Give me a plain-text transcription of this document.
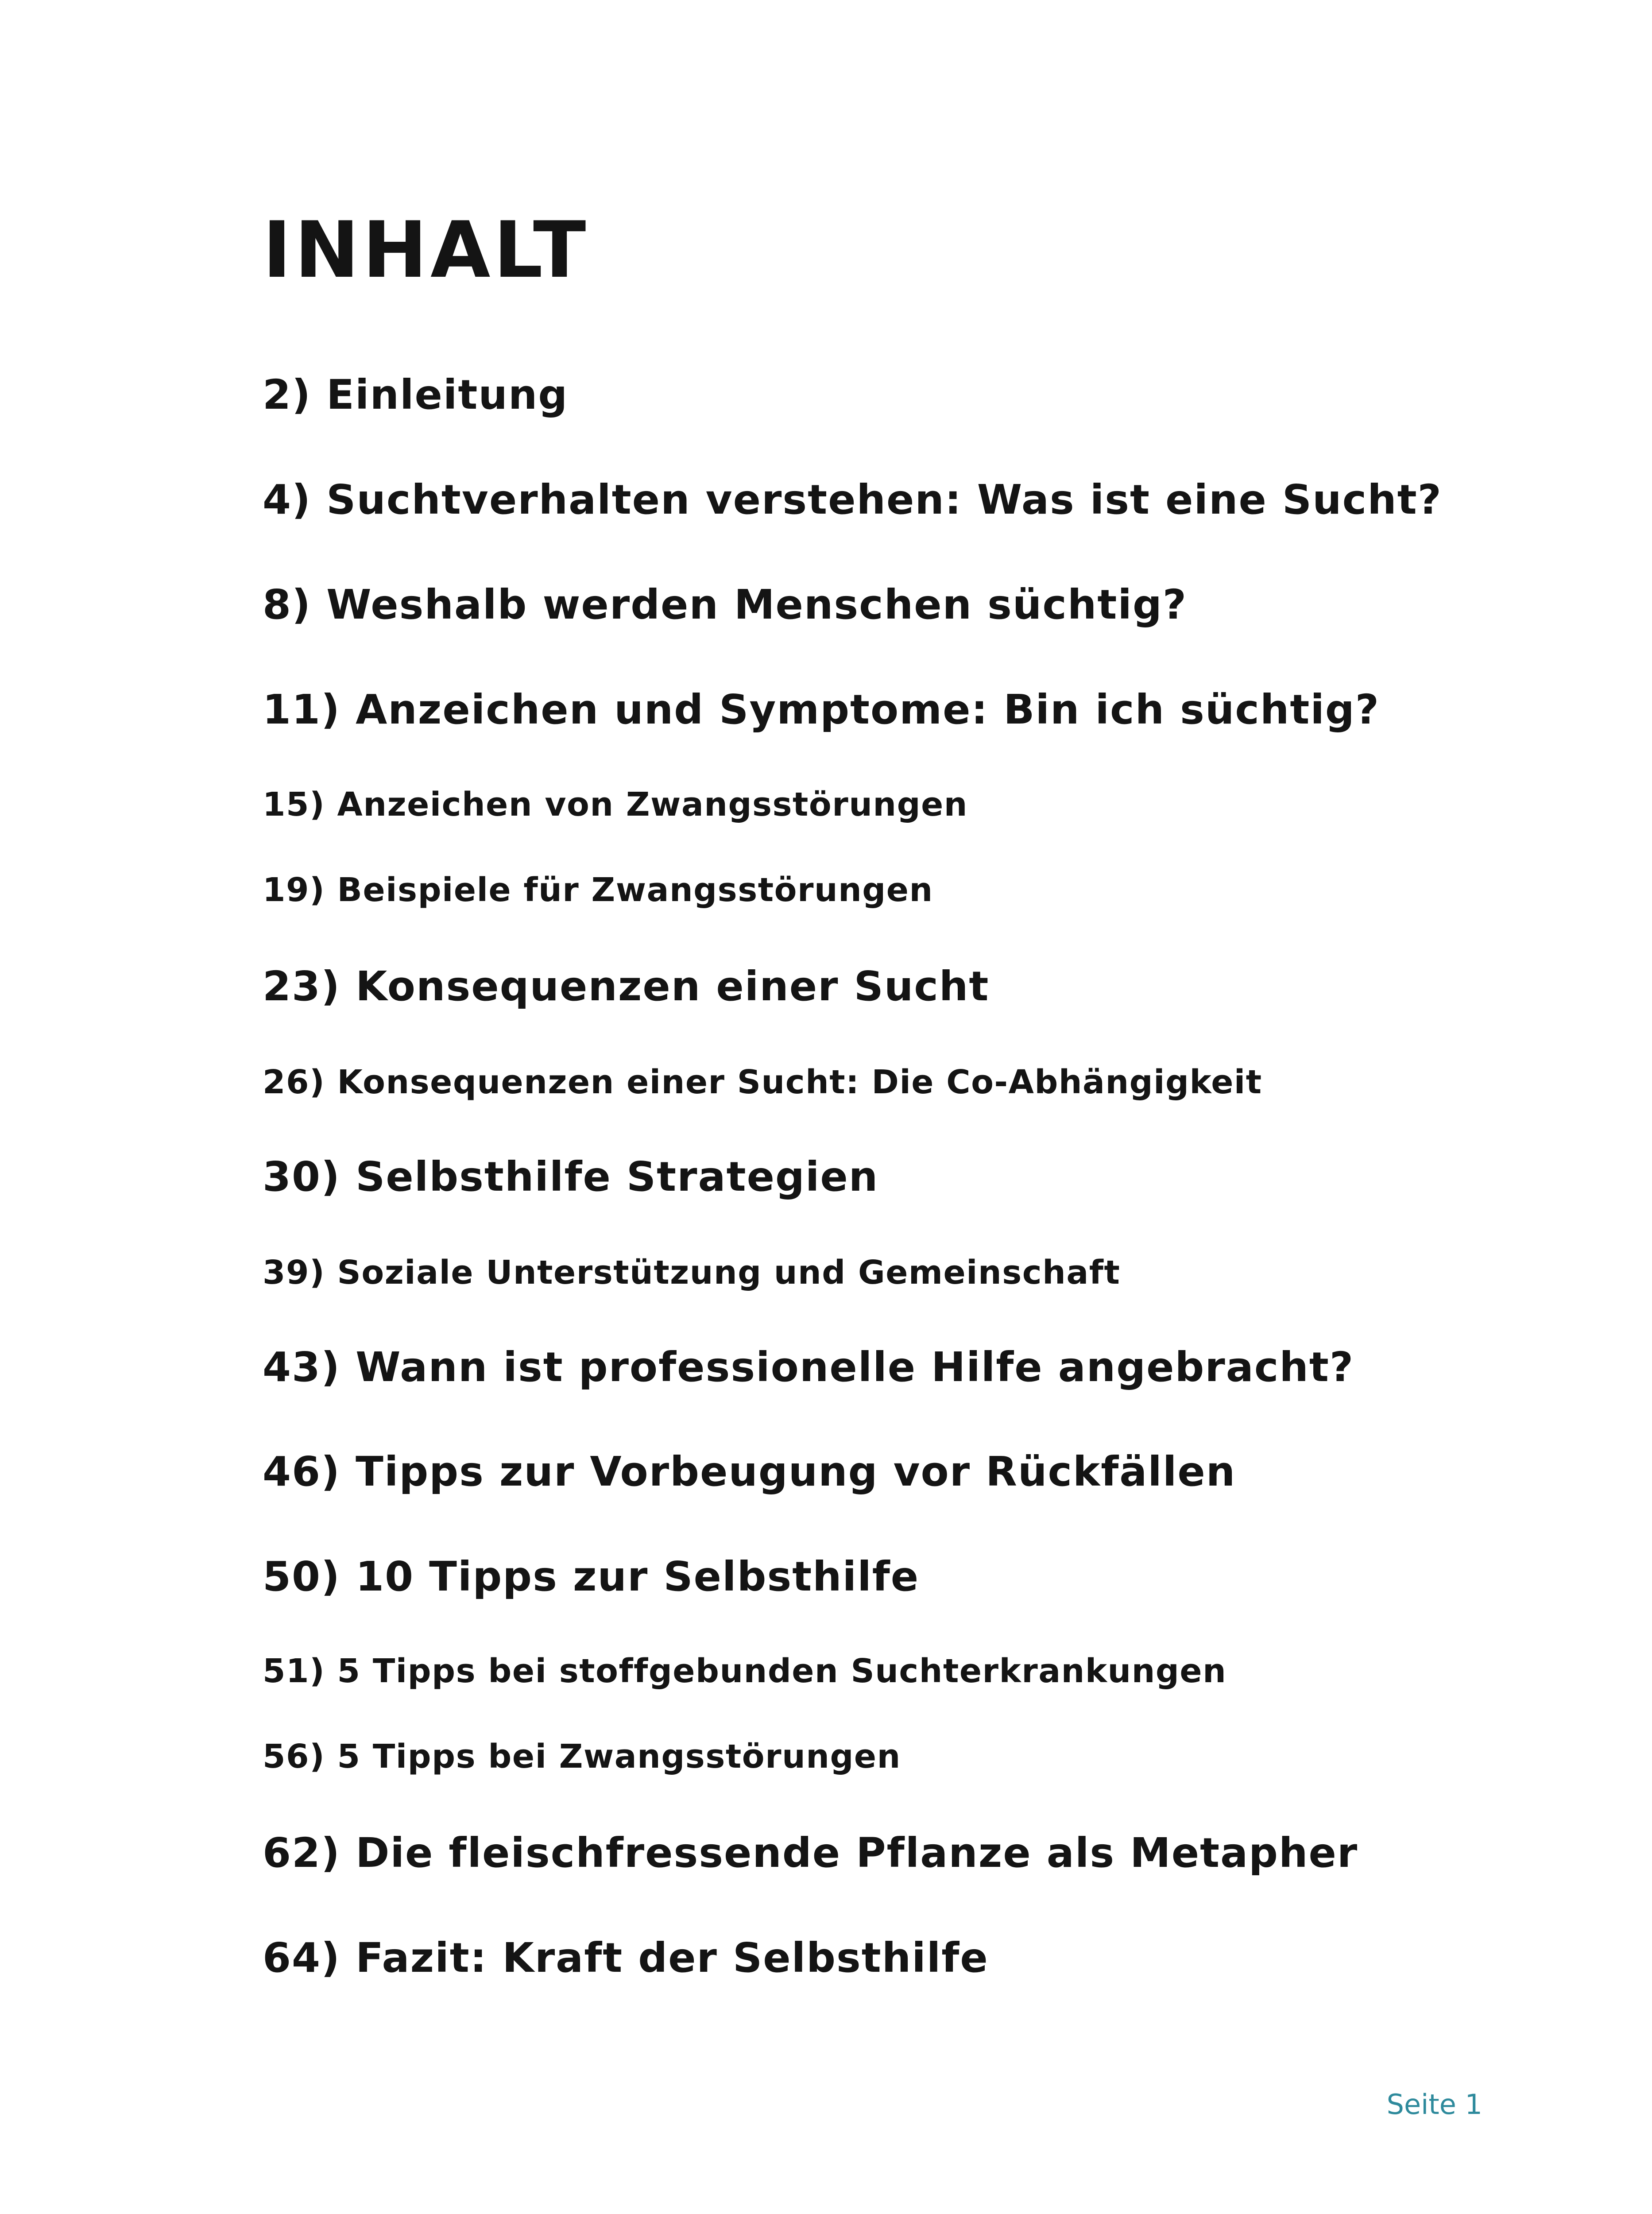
INHALT

2) Einleitung

4) Suchtverhalten verstehen: Was ist eine Sucht?

8) Weshalb werden Menschen süchtig?

11) Anzeichen und Symptome: Bin ich süchtig?

15) Anzeichen von Zwangsstörungen

19) Beispiele für Zwangsstörungen

23) Konsequenzen einer Sucht

26) Konsequenzen einer Sucht: Die Co-Abhängigkeit

30) Selbsthilfe Strategien

39) Soziale Unterstützung und Gemeinschaft

43) Wann ist professionelle Hilfe angebracht?

46) Tipps zur Vorbeugung vor Rückfällen

50) 10 Tipps zur Selbsthilfe

51) 5 Tipps bei stoffgebunden Suchterkrankungen

56) 5 Tipps bei Zwangsstörungen

62) Die fleischfressende Pflanze als Metapher

64) Fazit: Kraft der Selbsthilfe

Seite 1
